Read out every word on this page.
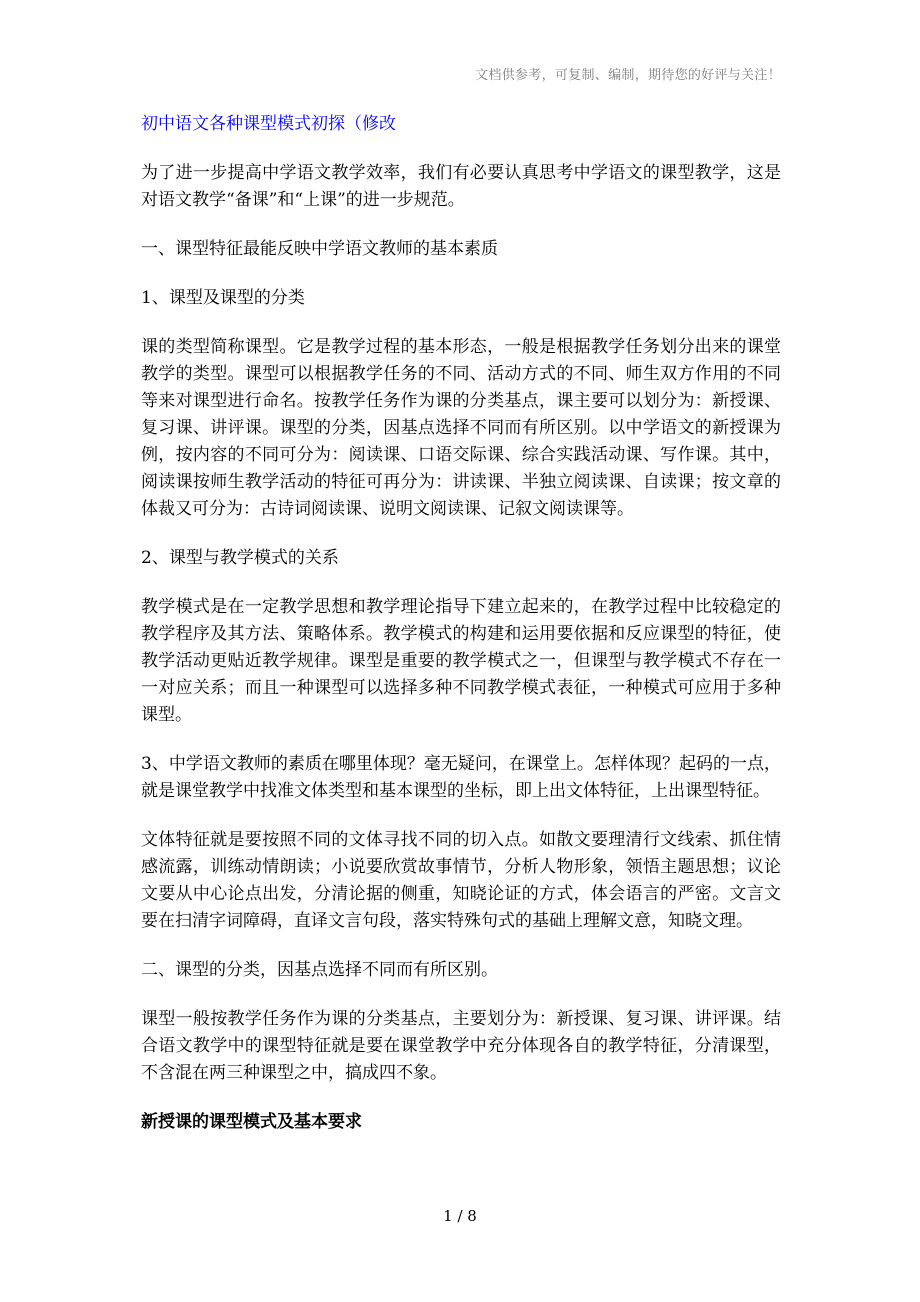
文档供参考，可复制、编制，期待您的好评与关注！
初中语文各种课型模式初探（修改

为了进一步提高中学语文教学效率，我们有必要认真思考中学语文的课型教学，这是对语文教学“备课”和“上课”的进一步规范。

一、课型特征最能反映中学语文教师的基本素质

1、课型及课型的分类

课的类型简称课型。它是教学过程的基本形态，一般是根据教学任务划分出来的课堂教学的类型。课型可以根据教学任务的不同、活动方式的不同、师生双方作用的不同等来对课型进行命名。按教学任务作为课的分类基点，课主要可以划分为：新授课、复习课、讲评课。课型的分类，因基点选择不同而有所区别。以中学语文的新授课为例，按内容的不同可分为：阅读课、口语交际课、综合实践活动课、写作课。其中，阅读课按师生教学活动的特征可再分为：讲读课、半独立阅读课、自读课；按文章的体裁又可分为：古诗词阅读课、说明文阅读课、记叙文阅读课等。

2、课型与教学模式的关系

教学模式是在一定教学思想和教学理论指导下建立起来的，在教学过程中比较稳定的教学程序及其方法、策略体系。教学模式的构建和运用要依据和反应课型的特征，使教学活动更贴近教学规律。课型是重要的教学模式之一，但课型与教学模式不存在一一对应关系；而且一种课型可以选择多种不同教学模式表征，一种模式可应用于多种课型。

3、中学语文教师的素质在哪里体现？毫无疑问，在课堂上。怎样体现？起码的一点，就是课堂教学中找准文体类型和基本课型的坐标，即上出文体特征，上出课型特征。

文体特征就是要按照不同的文体寻找不同的切入点。如散文要理清行文线索、抓住情感流露，训练动情朗读；小说要欣赏故事情节，分析人物形象，领悟主题思想；议论文要从中心论点出发，分清论据的侧重，知晓论证的方式，体会语言的严密。文言文要在扫清字词障碍，直译文言句段，落实特殊句式的基础上理解文意，知晓文理。

二、课型的分类，因基点选择不同而有所区别。

课型一般按教学任务作为课的分类基点，主要划分为：新授课、复习课、讲评课。结合语文教学中的课型特征就是要在课堂教学中充分体现各自的教学特征，分清课型，不含混在两三种课型之中，搞成四不象。

新授课的课型模式及基本要求

1 / 8
